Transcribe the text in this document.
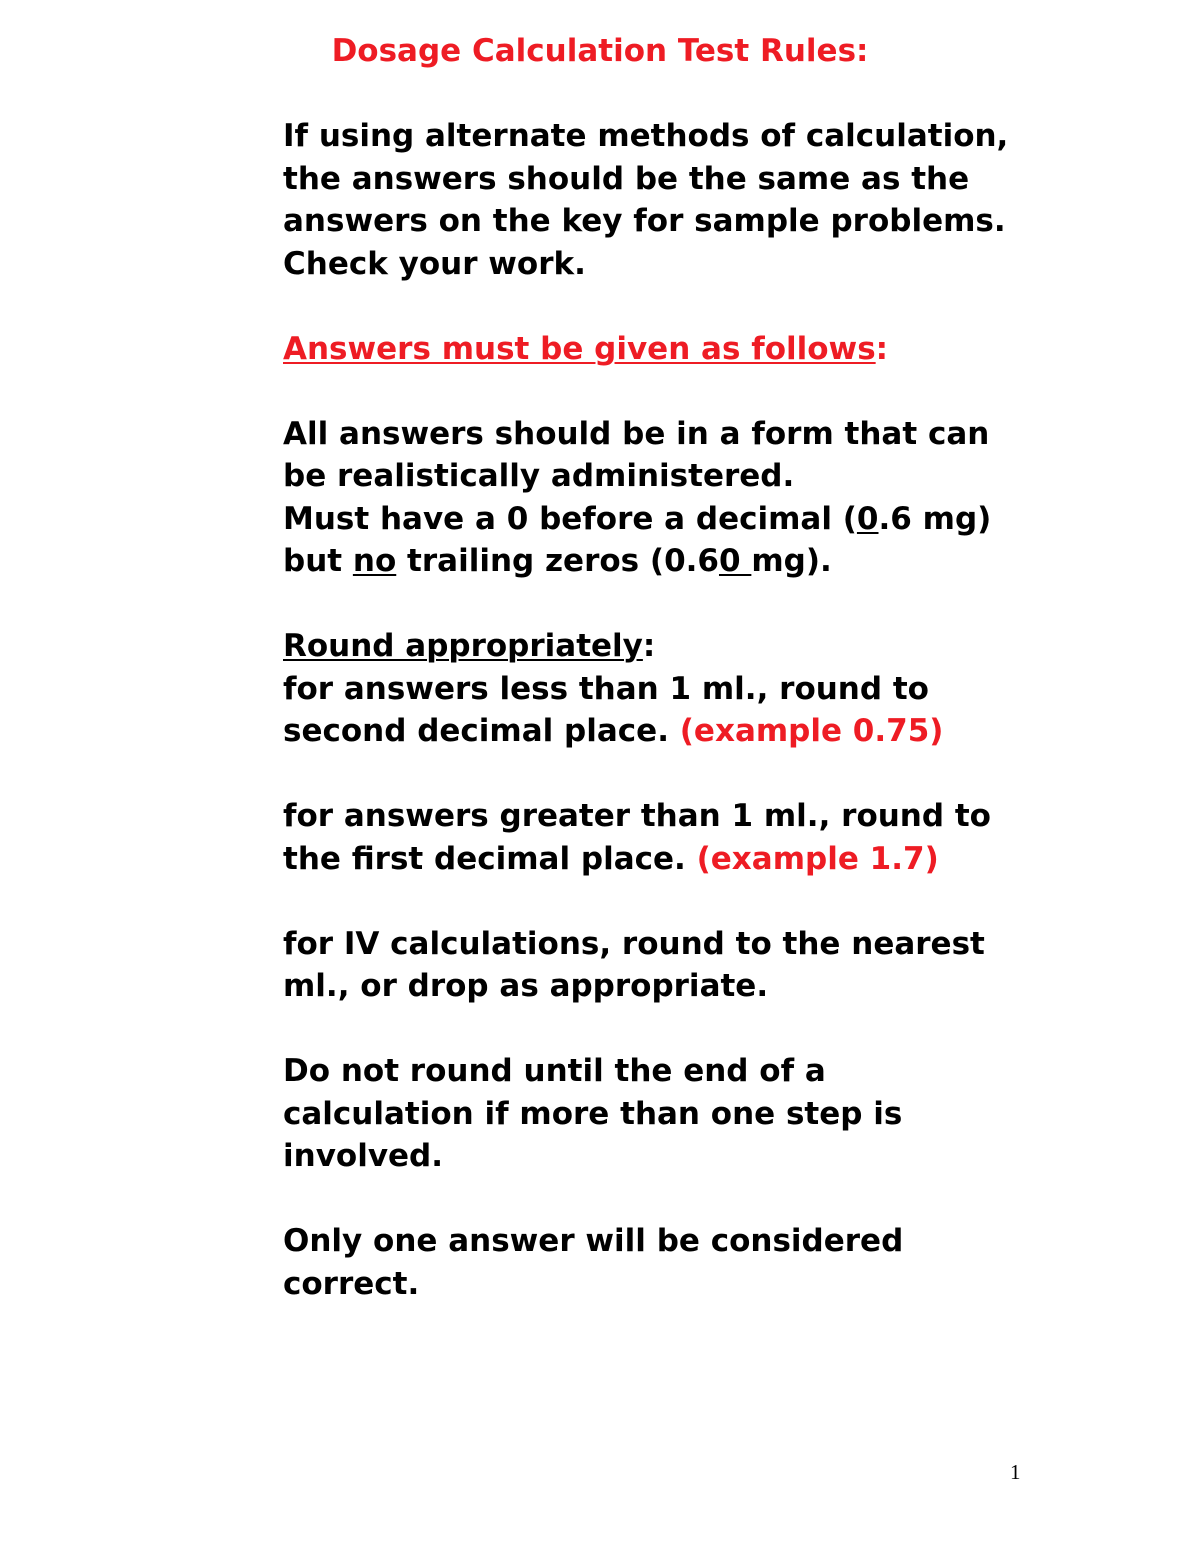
Dosage Calculation Test Rules:
If using alternate methods of calculation,
the answers should be the same as the
answers on the key for sample problems.
Check your work.
Answers must be given as follows:
All answers should be in a form that can
be realistically administered.
Must have a 0 before a decimal (0.6 mg)
but no trailing zeros (0.60 mg).
Round appropriately:
for answers less than 1 ml., round to
second decimal place. (example 0.75)
for answers greater than 1 ml., round to
the first decimal place. (example 1.7)
for IV calculations, round to the nearest
ml., or drop as appropriate.
Do not round until the end of a
calculation if more than one step is
involved.
Only one answer will be considered
correct.
1
